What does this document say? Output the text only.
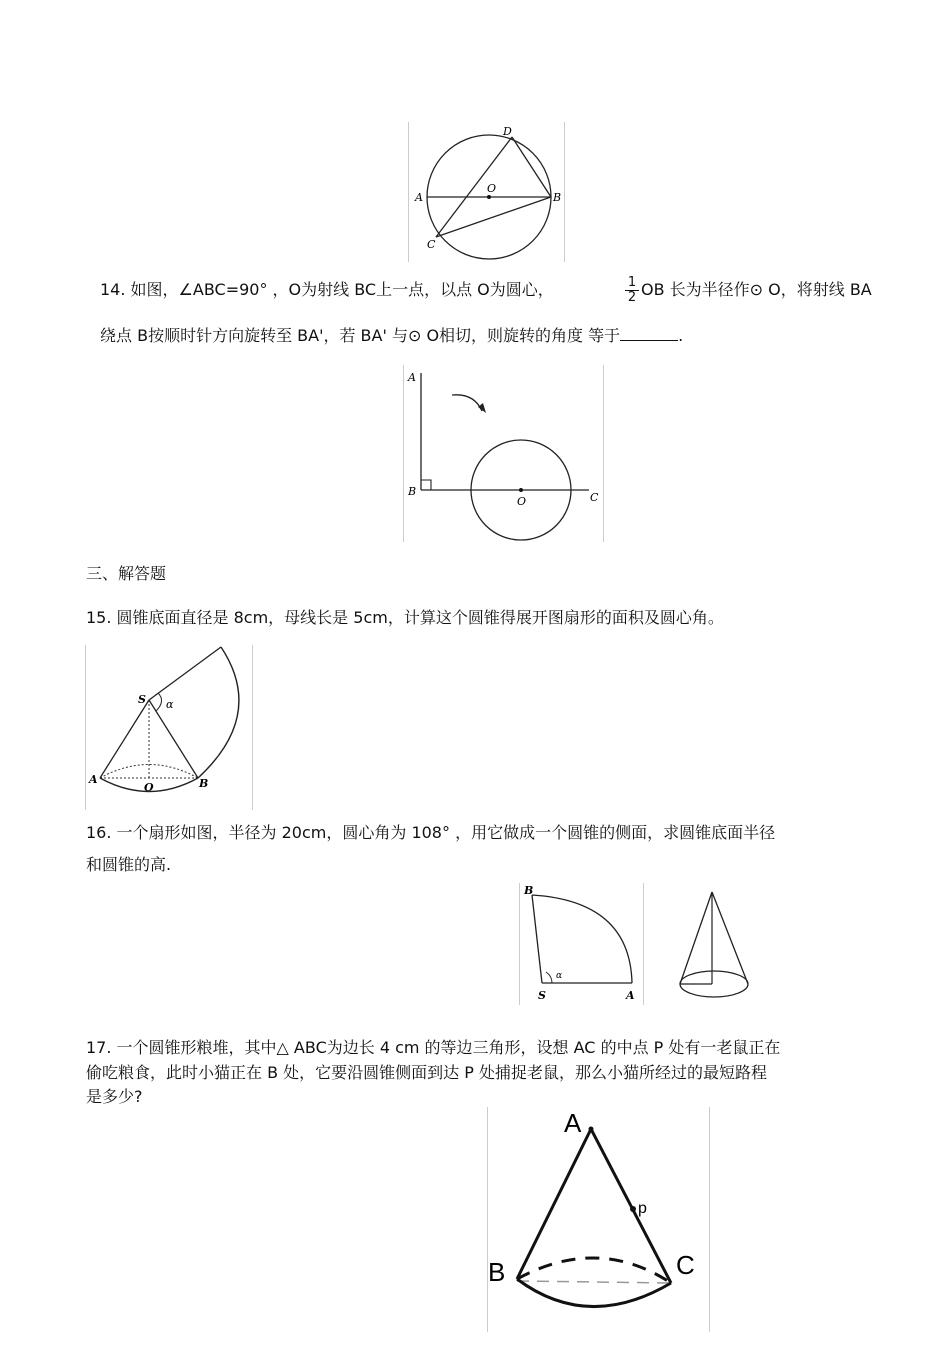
D
A	B
O
C
14. 如图，∠ABC=90° ，O为射线 BC上一点，以点 O为圆心，	$\frac{1}{2}$ OB 长为半径作⊙ O，将射线 BA
绕点 B按顺时针方向旋转至 BA'，若 BA' 与⊙ O相切，则旋转的角度 等于	.
A
B
O	C
三、解答题
15. 圆锥底面直径是 8cm，母线长是 5cm，计算这个圆锥得展开图扇形的面积及圆心角。
S α
A	B
O
16. 一个扇形如图，半径为 20cm，圆心角为 108° ，用它做成一个圆锥的侧面，求圆锥底面半径
和圆锥的高.
B
α
S	A
17. 一个圆锥形粮堆，其中△ ABC为边长 4 cm 的等边三角形，设想 AC 的中点 P 处有一老鼠正在
偷吃粮食，此时小猫正在 B 处，它要沿圆锥侧面到达 P 处捕捉老鼠，那么小猫所经过的最短路程
是多少?
A
p
B	C
